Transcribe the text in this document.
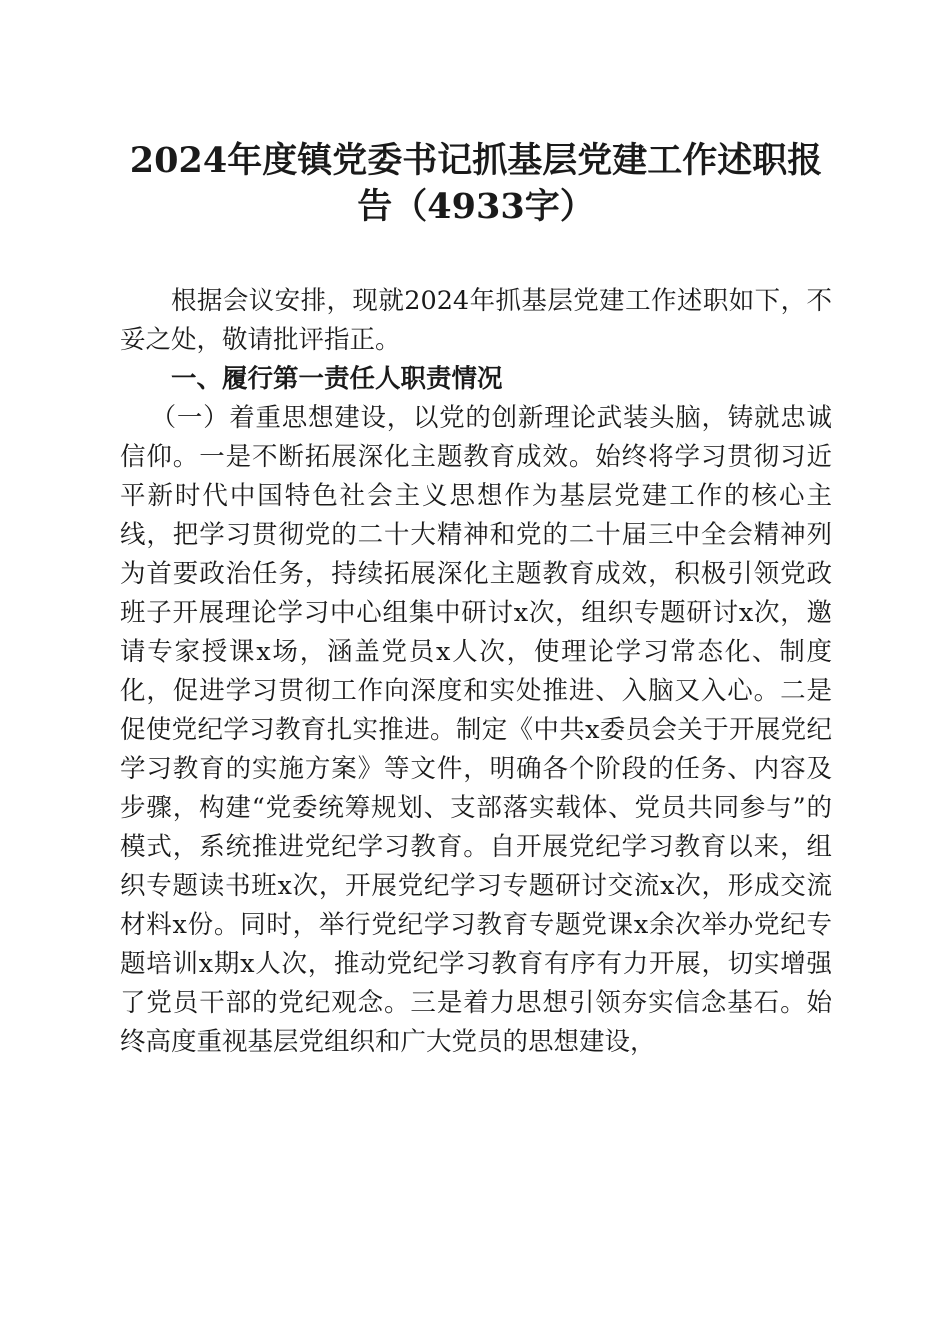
2024年度镇党委书记抓基层党建工作述职报告（4933字）

根据会议安排，现就2024年抓基层党建工作述职如下，不妥之处，敬请批评指正。

一、履行第一责任人职责情况

（一）着重思想建设，以党的创新理论武装头脑，铸就忠诚信仰。一是不断拓展深化主题教育成效。始终将学习贯彻习近平新时代中国特色社会主义思想作为基层党建工作的核心主线，把学习贯彻党的二十大精神和党的二十届三中全会精神列为首要政治任务，持续拓展深化主题教育成效，积极引领党政班子开展理论学习中心组集中研讨x次，组织专题研讨x次，邀请专家授课x场，涵盖党员x人次，使理论学习常态化、制度化，促进学习贯彻工作向深度和实处推进、入脑又入心。二是促使党纪学习教育扎实推进。制定《中共x委员会关于开展党纪学习教育的实施方案》等文件，明确各个阶段的任务、内容及步骤，构建“党委统筹规划、支部落实载体、党员共同参与”的模式，系统推进党纪学习教育。自开展党纪学习教育以来，组织专题读书班x次，开展党纪学习专题研讨交流x次，形成交流材料x份。同时，举行党纪学习教育专题党课x余次举办党纪专题培训x期x人次，推动党纪学习教育有序有力开展，切实增强了党员干部的党纪观念。三是着力思想引领夯实信念基石。始终高度重视基层党组织和广大党员的思想建设，
